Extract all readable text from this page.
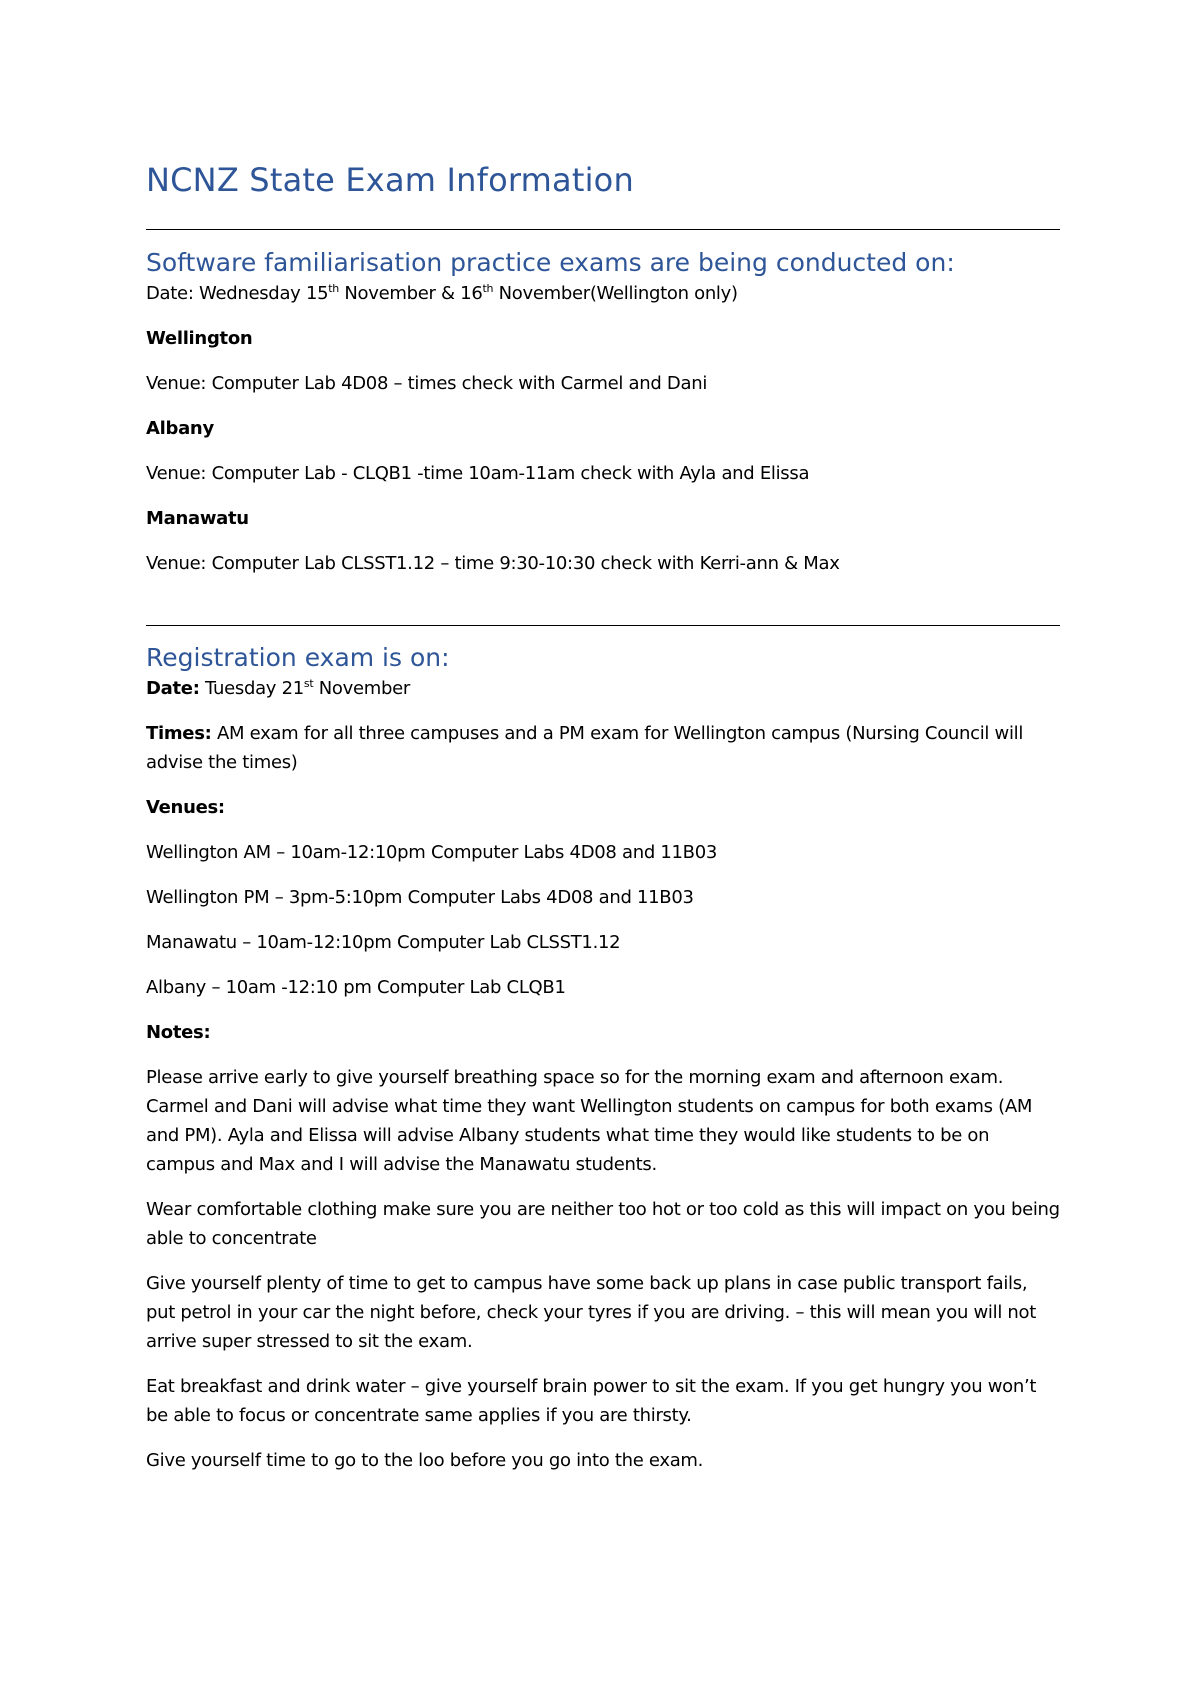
NCNZ State Exam Information
Software familiarisation practice exams are being conducted on:

Date: Wednesday 15th November & 16th November(Wellington only)

Wellington

Venue: Computer Lab 4D08 – times check with Carmel and Dani

Albany

Venue: Computer Lab - CLQB1 -time 10am-11am check with Ayla and Elissa

Manawatu

Venue: Computer Lab CLSST1.12 – time 9:30-10:30 check with Kerri-ann & Max

Registration exam is on:

Date: Tuesday 21st November

Times: AM exam for all three campuses and a PM exam for Wellington campus (Nursing Council will advise the times)

Venues:

Wellington AM – 10am-12:10pm Computer Labs 4D08 and 11B03

Wellington PM – 3pm-5:10pm Computer Labs 4D08 and 11B03

Manawatu – 10am-12:10pm Computer Lab CLSST1.12

Albany – 10am -12:10 pm Computer Lab CLQB1

Notes:

Please arrive early to give yourself breathing space so for the morning exam and afternoon exam. Carmel and Dani will advise what time they want Wellington students on campus for both exams (AM and PM). Ayla and Elissa will advise Albany students what time they would like students to be on campus and Max and I will advise the Manawatu students.

Wear comfortable clothing make sure you are neither too hot or too cold as this will impact on you being able to concentrate

Give yourself plenty of time to get to campus have some back up plans in case public transport fails, put petrol in your car the night before, check your tyres if you are driving. – this will mean you will not arrive super stressed to sit the exam.

Eat breakfast and drink water – give yourself brain power to sit the exam. If you get hungry you won’t be able to focus or concentrate same applies if you are thirsty.

Give yourself time to go to the loo before you go into the exam.
